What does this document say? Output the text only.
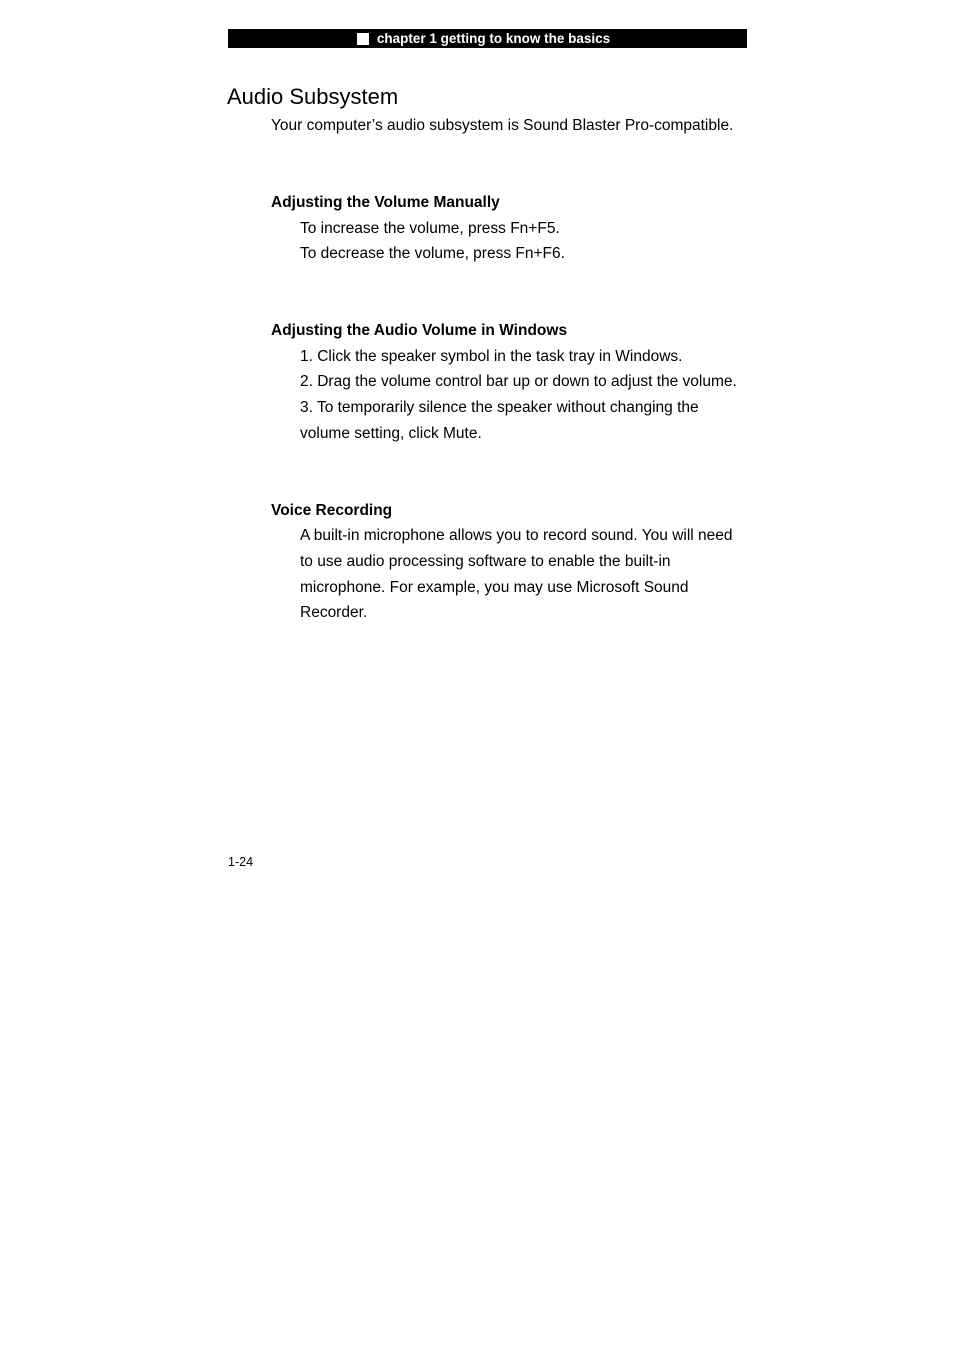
chapter 1 getting to know the basics
Audio Subsystem
Your computer’s audio subsystem is Sound Blaster Pro-compatible.
Adjusting the Volume Manually
To increase the volume, press Fn+F5.
To decrease the volume, press Fn+F6.
Adjusting the Audio Volume in Windows
1. Click the speaker symbol in the task tray in Windows.
2. Drag the volume control bar up or down to adjust the volume.
3. To temporarily silence the speaker without changing the
volume setting, click Mute.
Voice Recording
A built-in microphone allows you to record sound. You will need
to use audio processing software to enable the built-in
microphone. For example, you may use Microsoft Sound
Recorder.
1-24
